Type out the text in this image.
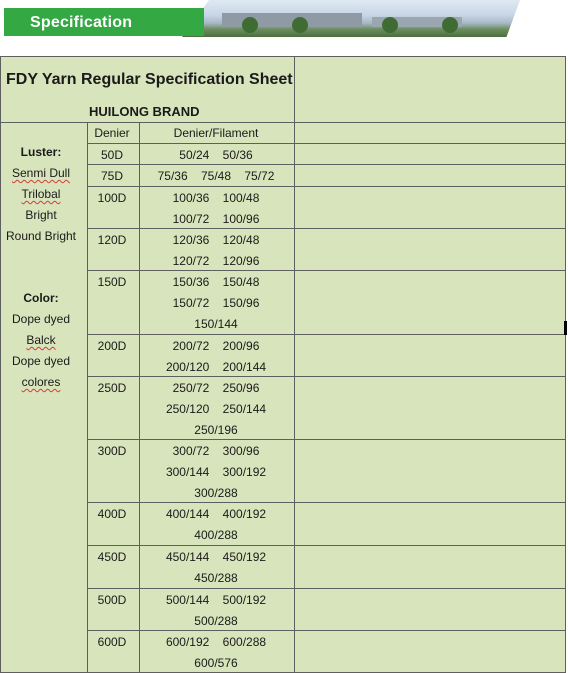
Specification
FDY Yarn Regular Specification Sheet
HUILONG BRAND
Denier	Denier/Filament
Luster:
Senmi Dull
Trilobal
Bright
Round Bright
Color:
Dope dyed
Balck
Dope dyed
colores
50D	50/24    50/36
75D	75/36    75/48    75/72
100D	100/36    100/48
100/72    100/96
120D	120/36    120/48
120/72    120/96
150D	150/36    150/48
150/72    150/96
150/144
200D	200/72    200/96
200/120    200/144
250D	250/72    250/96
250/120    250/144
250/196
300D	300/72    300/96
300/144    300/192
300/288
400D	400/144    400/192
400/288
450D	450/144    450/192
450/288
500D	500/144    500/192
500/288
600D	600/192    600/288
600/576
